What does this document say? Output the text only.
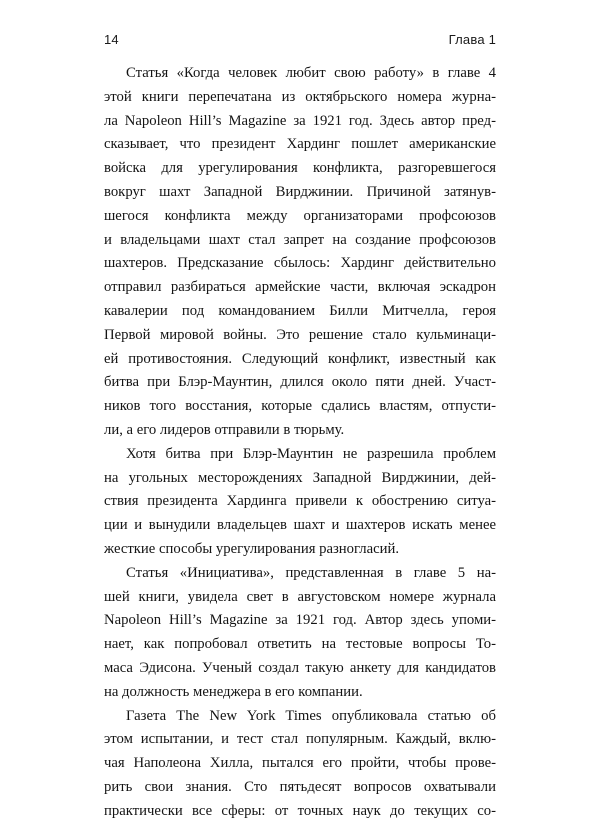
14	Глава 1
Статья «Когда человек любит свою работу» в главе 4
этой книги перепечатана из октябрьского номера журна-
ла Napoleon Hill’s Magazine за 1921 год. Здесь автор пред-
сказывает, что президент Хардинг пошлет американские
войска для урегулирования конфликта, разгоревшегося
вокруг шахт Западной Вирджинии. Причиной затянув-
шегося конфликта между организаторами профсоюзов
и владельцами шахт стал запрет на создание профсоюзов
шахтеров. Предсказание сбылось: Хардинг действительно
отправил разбираться армейские части, включая эскадрон
кавалерии под командованием Билли Митчелла, героя
Первой мировой войны. Это решение стало кульминаци-
ей противостояния. Следующий конфликт, известный как
битва при Блэр-Маунтин, длился около пяти дней. Участ-
ников того восстания, которые сдались властям, отпусти-
ли, а его лидеров отправили в тюрьму.
Хотя битва при Блэр-Маунтин не разрешила проблем
на угольных месторождениях Западной Вирджинии, дей-
ствия президента Хардинга привели к обострению ситуа-
ции и вынудили владельцев шахт и шахтеров искать менее
жесткие способы урегулирования разногласий.
Статья «Инициатива», представленная в главе 5 на-
шей книги, увидела свет в августовском номере журнала
Napoleon Hill’s Magazine за 1921 год. Автор здесь упоми-
нает, как попробовал ответить на тестовые вопросы То-
маса Эдисона. Ученый создал такую анкету для кандидатов
на должность менеджера в его компании.
Газета The New York Times опубликовала статью об
этом испытании, и тест стал популярным. Каждый, вклю-
чая Наполеона Хилла, пытался его пройти, чтобы прове-
рить свои знания. Сто пятьдесят вопросов охватывали
практически все сферы: от точных наук до текущих со-
